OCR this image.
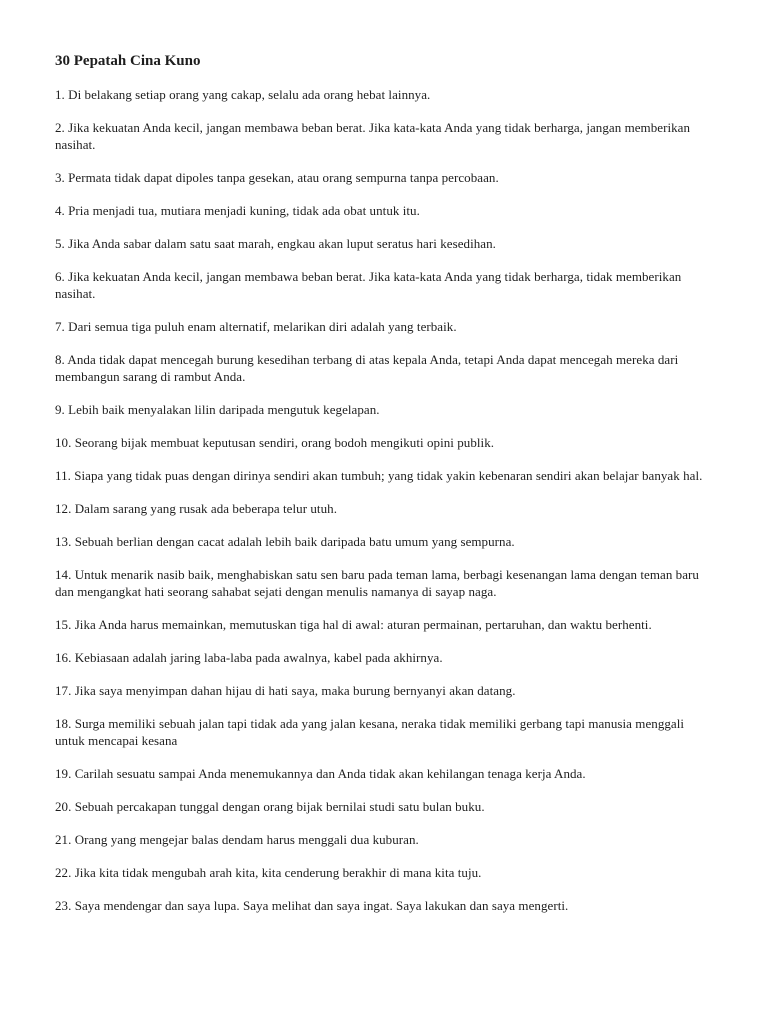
30 Pepatah Cina Kuno
1. Di belakang setiap orang yang cakap, selalu ada orang hebat lainnya.
2. Jika kekuatan Anda kecil, jangan membawa beban berat. Jika kata-kata Anda yang tidak berharga, jangan memberikan nasihat.
3. Permata tidak dapat dipoles tanpa gesekan, atau orang sempurna tanpa percobaan.
4. Pria menjadi tua, mutiara menjadi kuning, tidak ada obat untuk itu.
5. Jika Anda sabar dalam satu saat marah, engkau akan luput seratus hari kesedihan.
6. Jika kekuatan Anda kecil, jangan membawa beban berat. Jika kata-kata Anda yang tidak berharga, tidak memberikan nasihat.
7. Dari semua tiga puluh enam alternatif, melarikan diri adalah yang terbaik.
8. Anda tidak dapat mencegah burung kesedihan terbang di atas kepala Anda, tetapi Anda dapat mencegah mereka dari membangun sarang di rambut Anda.
9. Lebih baik menyalakan lilin daripada mengutuk kegelapan.
10. Seorang bijak membuat keputusan sendiri, orang bodoh mengikuti opini publik.
11. Siapa yang tidak puas dengan dirinya sendiri akan tumbuh; yang tidak yakin kebenaran sendiri akan belajar banyak hal.
12. Dalam sarang yang rusak ada beberapa telur utuh.
13. Sebuah berlian dengan cacat adalah lebih baik daripada batu umum yang sempurna.
14. Untuk menarik nasib baik, menghabiskan satu sen baru pada teman lama, berbagi kesenangan lama dengan teman baru dan mengangkat hati seorang sahabat sejati dengan menulis namanya di sayap naga.
15. Jika Anda harus memainkan, memutuskan tiga hal di awal: aturan permainan, pertaruhan, dan waktu berhenti.
16. Kebiasaan adalah jaring laba-laba pada awalnya, kabel pada akhirnya.
17. Jika saya menyimpan dahan hijau di hati saya, maka burung bernyanyi akan datang.
18. Surga memiliki sebuah jalan tapi tidak ada yang jalan kesana, neraka tidak memiliki gerbang tapi manusia menggali untuk mencapai kesana
19. Carilah sesuatu sampai Anda menemukannya dan Anda tidak akan kehilangan tenaga kerja Anda.
20. Sebuah percakapan tunggal dengan orang bijak bernilai studi satu bulan buku.
21. Orang yang mengejar balas dendam harus menggali dua kuburan.
22. Jika kita tidak mengubah arah kita, kita cenderung berakhir di mana kita tuju.
23. Saya mendengar dan saya lupa. Saya melihat dan saya ingat. Saya lakukan dan saya mengerti.
